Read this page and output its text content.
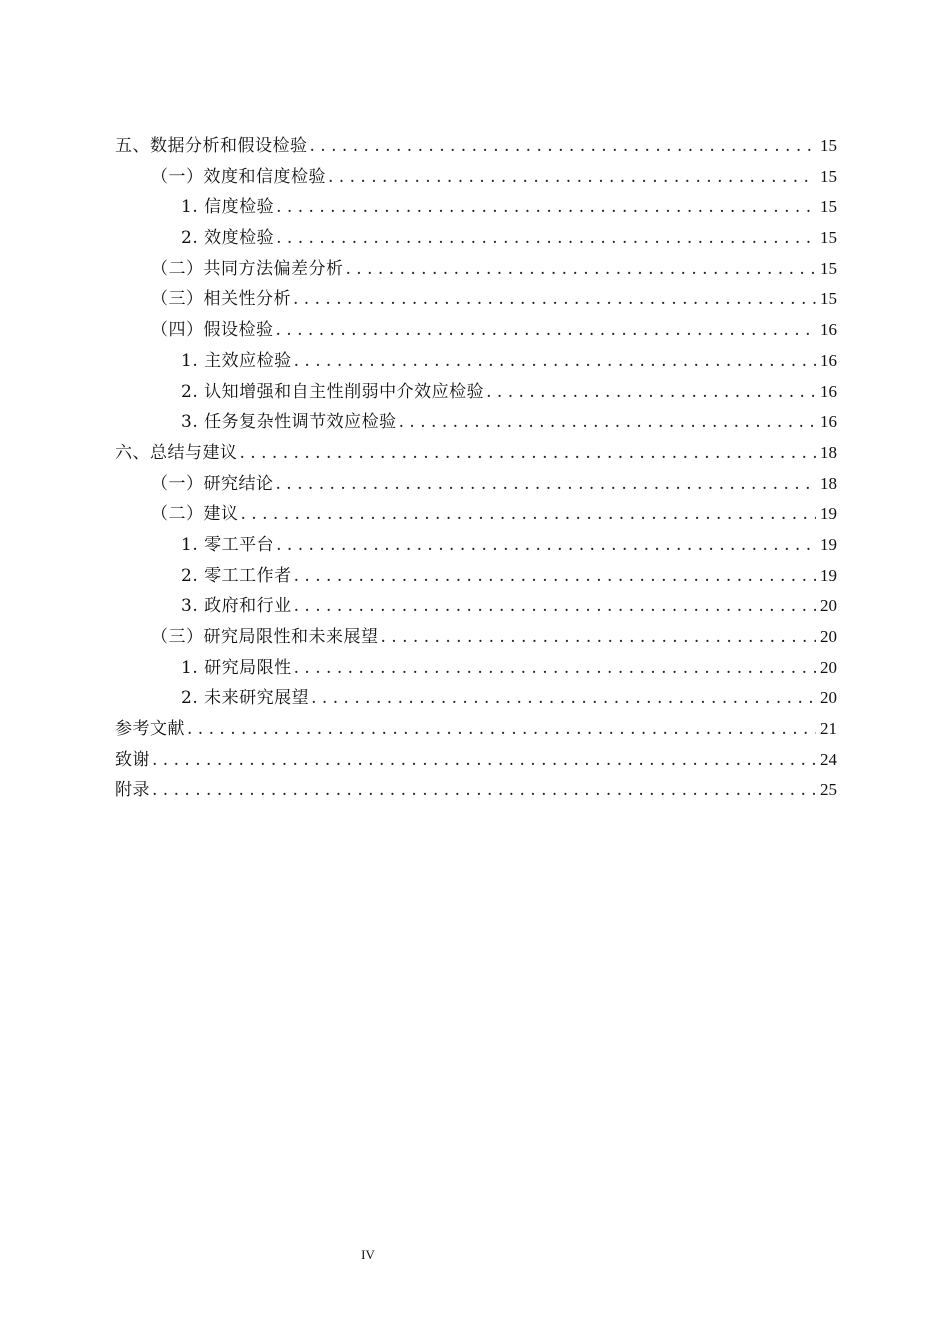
五、数据分析和假设检验 . . .	15
（一）效度和信度检验 . . .	15
1. 信度检验 . . .	15
2. 效度检验 . . .	15
（二）共同方法偏差分析 . . .	15
（三）相关性分析 . . .	15
（四）假设检验 . . .	16
1. 主效应检验 . . .	16
2. 认知增强和自主性削弱中介效应检验 . . .	16
3. 任务复杂性调节效应检验 . . .	16
六、总结与建议 . . .	18
（一）研究结论 . . .	18
（二）建议 . . .	19
1. 零工平台 . . .	19
2. 零工工作者 . . .	19
3. 政府和行业 . . .	20
（三）研究局限性和未来展望 . . .	20
1. 研究局限性 . . .	20
2. 未来研究展望 . . .	20
参考文献 . . .	21
致谢 . . .	24
附录 . . .	25
IV
